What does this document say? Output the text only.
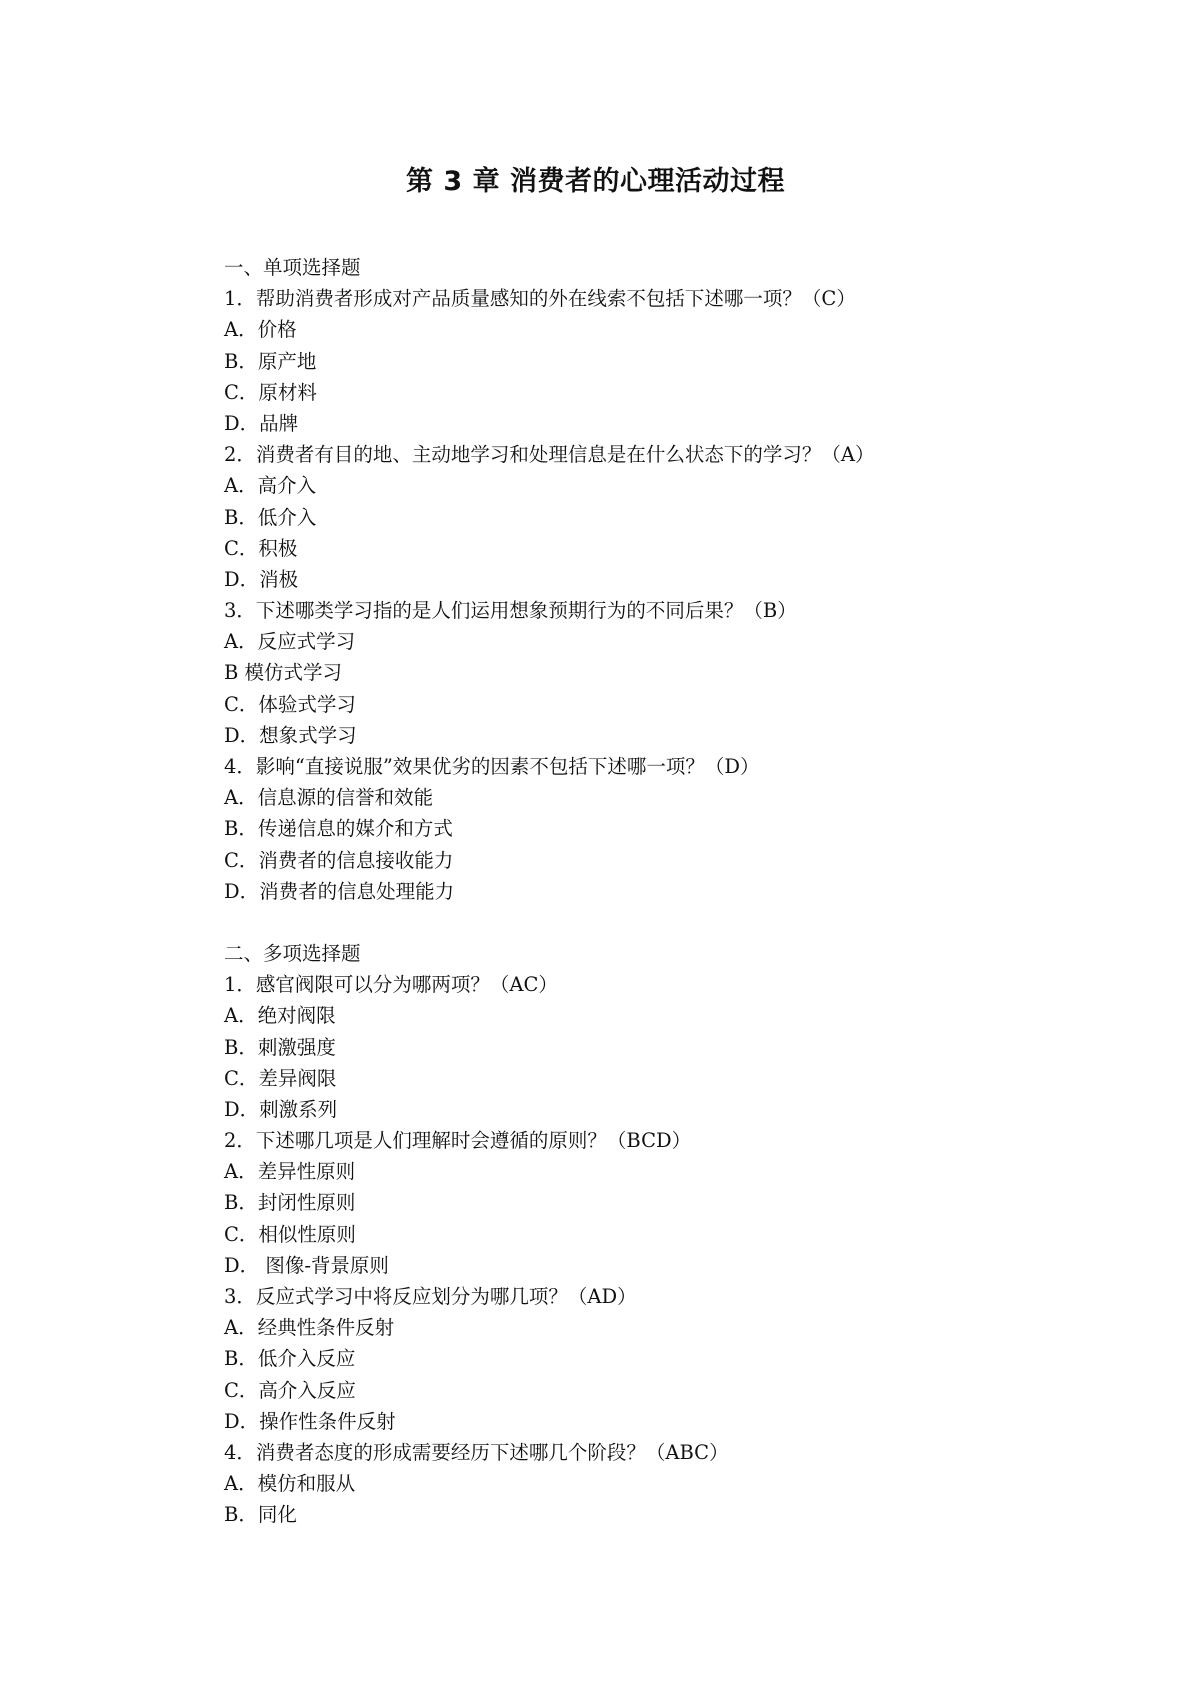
第 3 章 消费者的心理活动过程
一、单项选择题
1．帮助消费者形成对产品质量感知的外在线索不包括下述哪一项？（C）
A．价格
B．原产地
C．原材料
D．品牌
2．消费者有目的地、主动地学习和处理信息是在什么状态下的学习？（A）
A．高介入
B．低介入
C．积极
D．消极
3．下述哪类学习指的是人们运用想象预期行为的不同后果？（B）
A．反应式学习
B 模仿式学习
C．体验式学习
D．想象式学习
4．影响“直接说服”效果优劣的因素不包括下述哪一项？（D）
A．信息源的信誉和效能
B．传递信息的媒介和方式
C．消费者的信息接收能力
D．消费者的信息处理能力
二、多项选择题
1．感官阀限可以分为哪两项？（AC）
A．绝对阀限
B．刺激强度
C．差异阀限
D．刺激系列
2．下述哪几项是人们理解时会遵循的原则？（BCD）
A．差异性原则
B．封闭性原则
C．相似性原则
D． 图像-背景原则
3．反应式学习中将反应划分为哪几项？（AD）
A．经典性条件反射
B．低介入反应
C．高介入反应
D．操作性条件反射
4．消费者态度的形成需要经历下述哪几个阶段？（ABC）
A．模仿和服从
B．同化
